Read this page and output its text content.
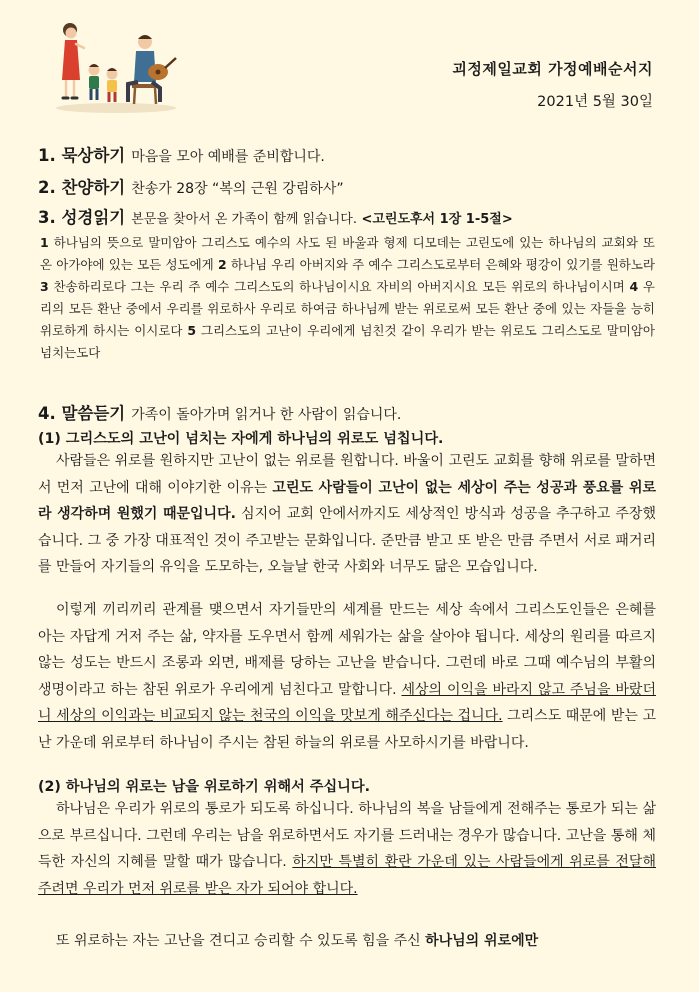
괴정제일교회 가정예배순서지
2021년 5월 30일
1. 묵상하기 마음을 모아 예배를 준비합니다.
2. 찬양하기 찬송가 28장 “복의 근원 강림하사”
3. 성경읽기 본문을 찾아서 온 가족이 함께 읽습니다. <고린도후서 1장 1-5절>
1 하나님의 뜻으로 말미암아 그리스도 예수의 사도 된 바울과 형제 디모데는 고린도에 있는 하나님의 교회와 또 온 아가야에 있는 모든 성도에게 2 하나님 우리 아버지와 주 예수 그리스도로부터 은혜와 평강이 있기를 원하노라 3 찬송하리로다 그는 우리 주 예수 그리스도의 하나님이시요 자비의 아버지시요 모든 위로의 하나님이시며 4 우리의 모든 환난 중에서 우리를 위로하사 우리로 하여금 하나님께 받는 위로로써 모든 환난 중에 있는 자들을 능히 위로하게 하시는 이시로다 5 그리스도의 고난이 우리에게 넘친것 같이 우리가 받는 위로도 그리스도로 말미암아 넘치는도다
4. 말씀듣기 가족이 돌아가며 읽거나 한 사람이 읽습니다.
(1) 그리스도의 고난이 넘치는 자에게 하나님의 위로도 넘칩니다.
사람들은 위로를 원하지만 고난이 없는 위로를 원합니다. 바울이 고린도 교회를 향해 위로를 말하면서 먼저 고난에 대해 이야기한 이유는 고린도 사람들이 고난이 없는 세상이 주는 성공과 풍요를 위로라 생각하며 원했기 때문입니다. 심지어 교회 안에서까지도 세상적인 방식과 성공을 추구하고 주장했습니다. 그 중 가장 대표적인 것이 주고받는 문화입니다. 준만큼 받고 또 받은 만큼 주면서 서로 패거리를 만들어 자기들의 유익을 도모하는, 오늘날 한국 사회와 너무도 닮은 모습입니다.
이렇게 끼리끼리 관계를 맺으면서 자기들만의 세계를 만드는 세상 속에서 그리스도인들은 은혜를 아는 자답게 거저 주는 삶, 약자를 도우면서 함께 세워가는 삶을 살아야 됩니다. 세상의 원리를 따르지 않는 성도는 반드시 조롱과 외면, 배제를 당하는 고난을 받습니다. 그런데 바로 그때 예수님의 부활의 생명이라고 하는 참된 위로가 우리에게 넘친다고 말합니다. 세상의 이익을 바라지 않고 주님을 바랐더니 세상의 이익과는 비교되지 않는 천국의 이익을 맛보게 해주신다는 겁니다. 그리스도 때문에 받는 고난 가운데 위로부터 하나님이 주시는 참된 하늘의 위로를 사모하시기를 바랍니다.
(2) 하나님의 위로는 남을 위로하기 위해서 주십니다.
하나님은 우리가 위로의 통로가 되도록 하십니다. 하나님의 복을 남들에게 전해주는 통로가 되는 삶으로 부르십니다. 그런데 우리는 남을 위로하면서도 자기를 드러내는 경우가 많습니다. 고난을 통해 체득한 자신의 지혜를 말할 때가 많습니다. 하지만 특별히 환란 가운데 있는 사람들에게 위로를 전달해 주려면 우리가 먼저 위로를 받은 자가 되어야 합니다.
또 위로하는 자는 고난을 견디고 승리할 수 있도록 힘을 주신 하나님의 위로에만
